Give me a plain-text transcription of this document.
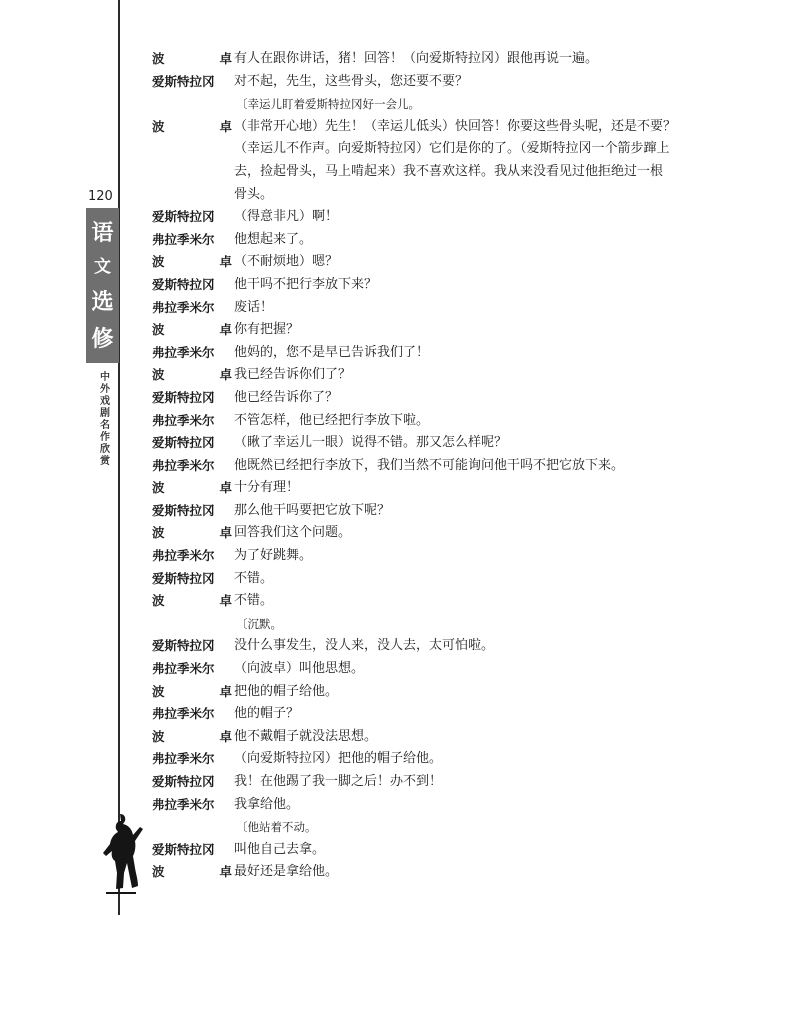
120
语
文
选
修
中外戏剧名作欣赏
波	卓 有人在跟你讲话，猪！回答！（向爱斯特拉冈）跟他再说一遍。
爱斯特拉冈	对不起，先生，这些骨头，您还要不要？
〔幸运儿盯着爱斯特拉冈好一会儿。
波	卓 （非常开心地）先生！（幸运儿低头）快回答！你要这些骨头呢，还是不要？
（幸运儿不作声。向爱斯特拉冈）它们是你的了。（爱斯特拉冈一个箭步蹿上
去，捡起骨头，马上啃起来）我不喜欢这样。我从来没看见过他拒绝过一根
骨头。
爱斯特拉冈	（得意非凡）啊！
弗拉季米尔	他想起来了。
波	卓 （不耐烦地）嗯？
爱斯特拉冈	他干吗不把行李放下来？
弗拉季米尔	废话！
波	卓 你有把握？
弗拉季米尔	他妈的，您不是早已告诉我们了！
波	卓 我已经告诉你们了？
爱斯特拉冈	他已经告诉你了？
弗拉季米尔	不管怎样，他已经把行李放下啦。
爱斯特拉冈	（瞅了幸运儿一眼）说得不错。那又怎么样呢？
弗拉季米尔	他既然已经把行李放下，我们当然不可能询问他干吗不把它放下来。
波	卓 十分有理！
爱斯特拉冈	那么他干吗要把它放下呢？
波	卓 回答我们这个问题。
弗拉季米尔	为了好跳舞。
爱斯特拉冈	不错。
波	卓 不错。
〔沉默。
爱斯特拉冈	没什么事发生，没人来，没人去，太可怕啦。
弗拉季米尔	（向波卓）叫他思想。
波	卓 把他的帽子给他。
弗拉季米尔	他的帽子？
波	卓 他不戴帽子就没法思想。
弗拉季米尔	（向爱斯特拉冈）把他的帽子给他。
爱斯特拉冈	我！在他踢了我一脚之后！办不到！
弗拉季米尔	我拿给他。
〔他站着不动。
爱斯特拉冈	叫他自己去拿。
波	卓 最好还是拿给他。
